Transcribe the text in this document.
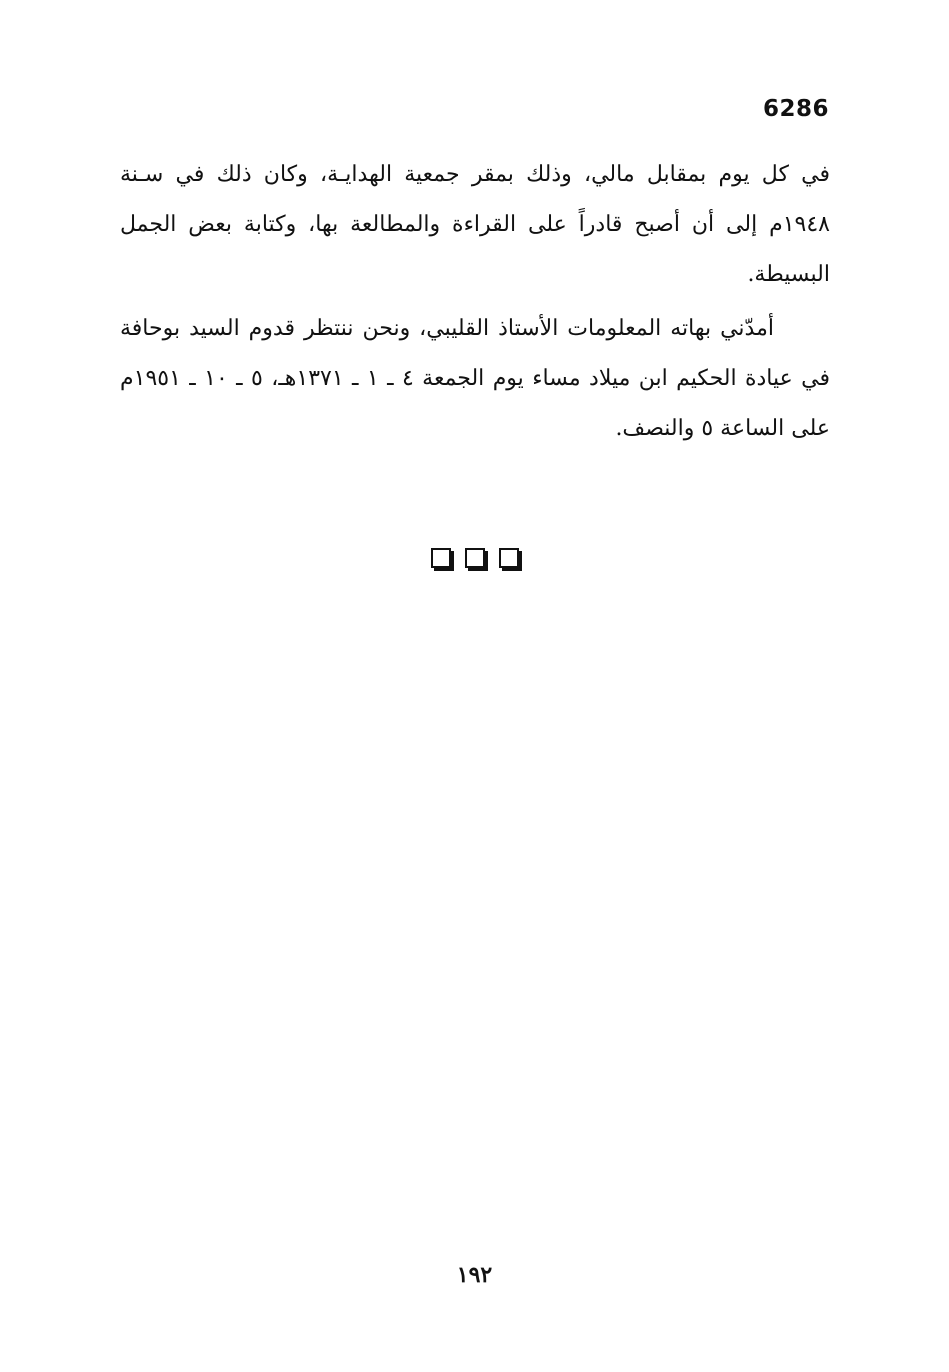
6286

في كل يوم بمقابل مالي، وذلك بمقر جمعية الهدايـة، وكان ذلك في سـنة ١٩٤٨م إلى أن أصبح قادراً على القراءة والمطالعة بها، وكتابة بعض الجمل البسيطة.

أمدّني بهاته المعلومات الأستاذ القليبي، ونحن ننتظر قدوم السيد بوحافة في عيادة الحكيم ابن ميلاد مساء يوم الجمعة ٤ ـ ١ ـ ١٣٧١هـ، ٥ ـ ١٠ ـ ١٩٥١م على الساعة ٥ والنصف.

١٩٢
